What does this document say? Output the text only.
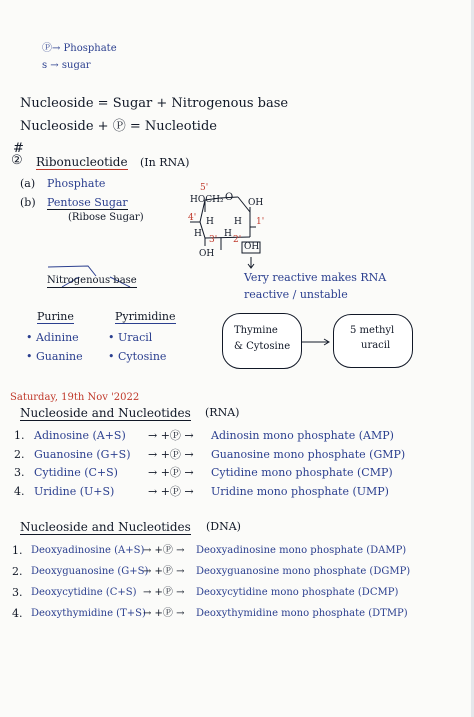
Ⓟ→ Phosphate
s → sugar
Nucleoside = Sugar + Nitrogenous base
Nucleoside + Ⓟ = Nucleotide
#
② Ribonucleotide (In RNA)
(a) Phosphate
(b) Pentose Sugar
(Ribose Sugar)
5'
HOCH₂ O OH
4' H H 1'
H H
3' 2'
OH
OH
Very reactive makes RNA
reactive / unstable
Nitrogenous base
Purine
• Adinine
• Guanine
Pyrimidine
• Uracil
• Cytosine
Thymine
& Cytosine
5 methyl
uracil
Saturday, 19th Nov '2022
Nucleoside and Nucleotides (RNA)
1. Adinosine (A+S) → +Ⓟ → Adinosin mono phosphate (AMP)
2. Guanosine (G+S) → +Ⓟ → Guanosine mono phosphate (GMP)
3. Cytidine (C+S)	→ +Ⓟ → Cytidine mono phosphate (CMP)
4. Uridine (U+S)	→ +Ⓟ → Uridine mono phosphate (UMP)
Nucleoside and Nucleotides (DNA)
1. Deoxyadinosine (A+S)
→ +Ⓟ → Deoxyadinosine mono phosphate (DAMP)
2. Deoxyguanosine (G+S)
→ +Ⓟ → Deoxyguanosine mono phosphate (DGMP)
3. Deoxycytidine (C+S) → +Ⓟ → Deoxycytidine mono phosphate (DCMP)
4. Deoxythymidine (T+S)
→ +Ⓟ → Deoxythymidine mono phosphate (DTMP)
